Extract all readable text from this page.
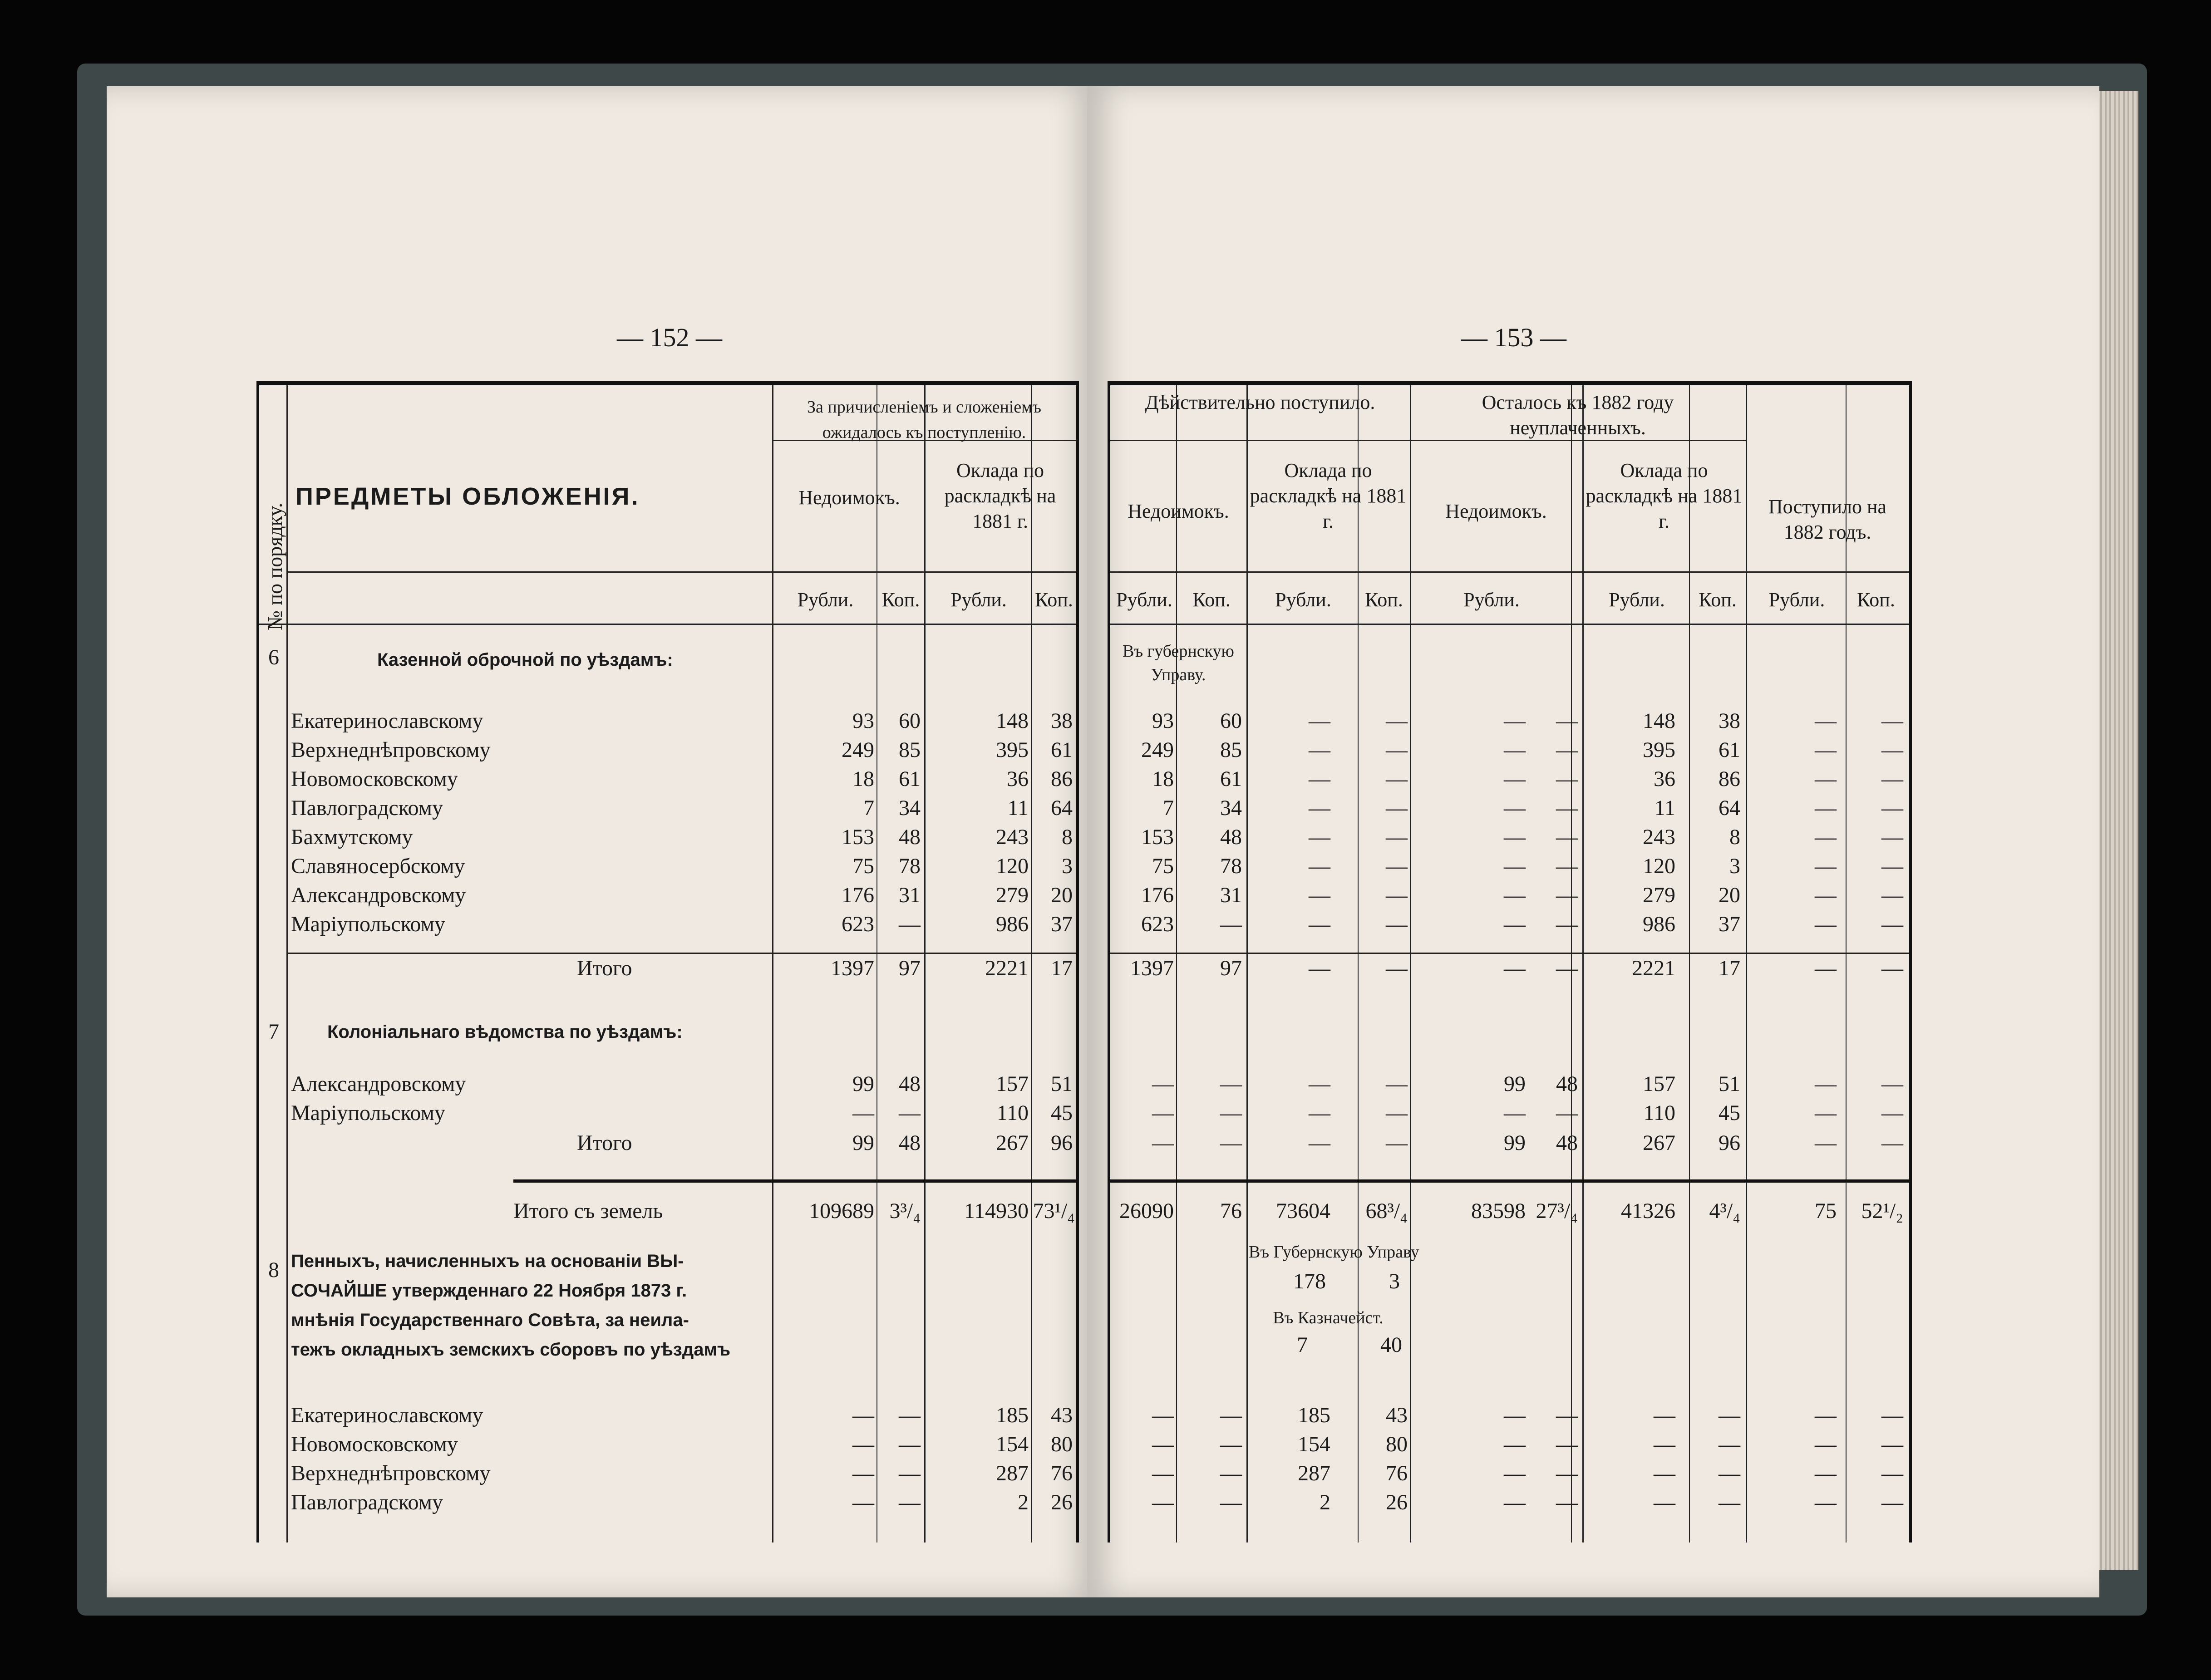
— 152 —
№ по порядку.
ПРЕДМЕТЫ ОБЛОЖЕНІЯ.
За причисленіемъ и сложеніемъ ожидалось къ поступленію.
Недоимокъ.
Оклада по раскладкѣ на 1881 г.
Рубли.	Коп.	Рубли.	Коп.
6	Казенной оброчной по уѣздамъ:
Екатеринославскому	93	60	148	38
Верхнеднѣпровскому	249	85	395	61
Новомосковскому	18	61	36	86
Павлоградскому	7	34	11	64
Бахмутскому	153	48	243	8
Славяносербскому	75	78	120	3
Александровскому	176	31	279	20
Маріупольскому	623	—	986	37
Итого	1397	97	2221	17
7	Колоніальнаго вѣдомства по уѣздамъ:
Александровскому	99	48	157	51
Маріупольскому	—	—	110	45
Итого	99	48	267	96
Итого съ земель	109689 3³/₄	114930 73¹/₄
8 Пенныхъ, начисленныхъ на основаніи ВЫ-
СОЧАЙШЕ утвержденнаго 22 Ноября 1873 г.
мнѣнія Государственнаго Совѣта, за неила-
тежъ окладныхъ земскихъ сборовъ по уѣздамъ
Екатеринославскому	—	—	185	43
Новомосковскому	—	—	154	80
Верхнеднѣпровскому	—	—	287	76
Павлоградскому	—	—	2	26
— 153 —
Дѣйствительно поступило.	Осталось къ 1882 году неуплаченныхъ.
Поступило на 1882 годъ.
Недоимокъ.
Оклада по раскладкѣ на 1881 г.	Недоимокъ.
Оклада по раскладкѣ на 1881 г.
Рубли.	Коп.	Рубли.	Коп.	Рубли.	Рубли.	Коп.	Рубли.	Коп.
Въ губернскую Управу.
93	60	—	—	—	—	148	38	—	—
249	85	—	—	—	—	395	61	—	—
18	61	—	—	—	—	36	86	—	—
7	34	—	—	—	—	11	64	—	—
153	48	—	—	—	—	243	8	—	—
75	78	—	—	—	—	120	3	—	—
176	31	—	—	—	—	279	20	—	—
623	—	—	—	—	—	986	37	—	—
1397	97	—	—	—	—	2221	17	—	—
—	—	—	—	99	48	157	51	—	—
—	—	—	—	—	—	110	45	—	—
—	—	—	—	99	48	267	96	—	—
26090	76	73604 68³/₄	83598 27³/₄	41326	4³/₄	75	52¹/₂
Въ Губернскую Управу
178	3
Въ Казначейст.
7	40
—	—	185	43	—	—	—	—	—	—
—	—	154	80	—	—	—	—	—	—
—	—	287	76	—	—	—	—	—	—
—	—	2	26	—	—	—	—	—	—
